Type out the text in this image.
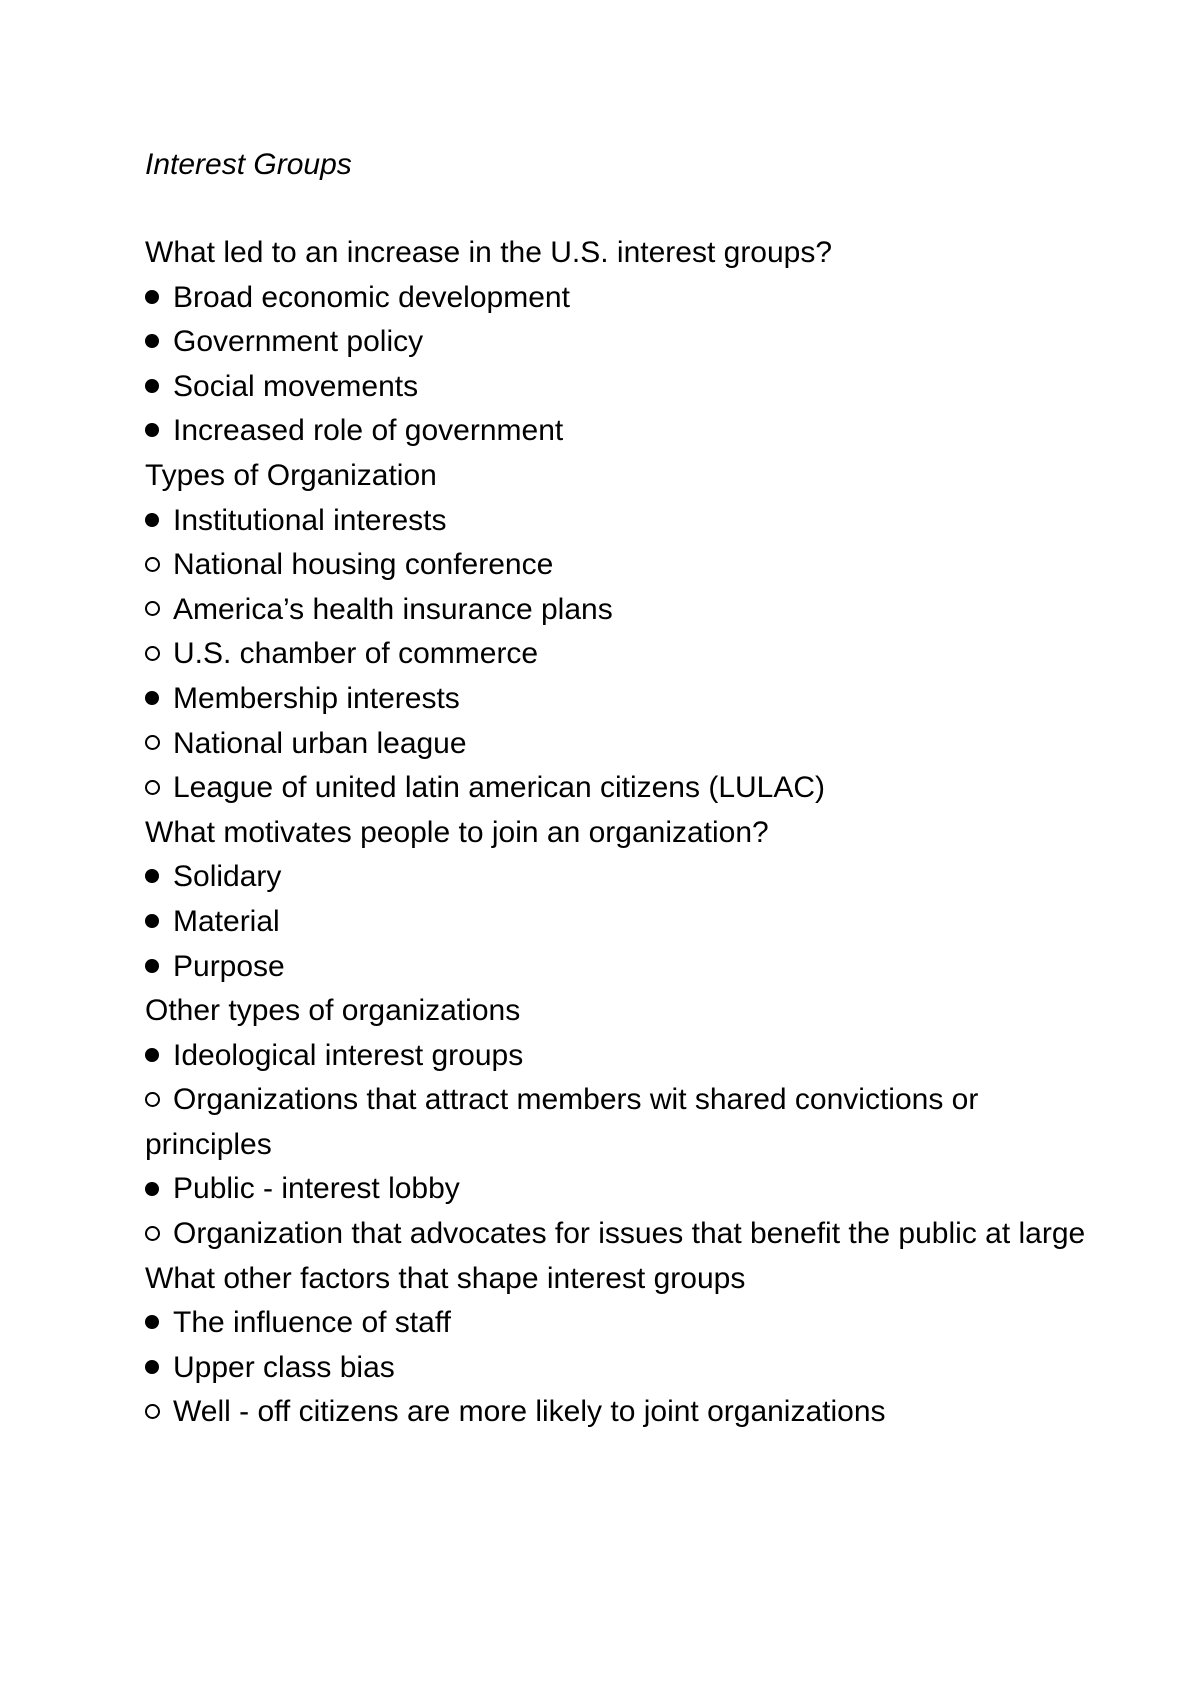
Interest Groups
What led to an increase in the U.S. interest groups?
Broad economic development
Government policy
Social movements
Increased role of government
Types of Organization
Institutional interests
National housing conference
America’s health insurance plans
U.S. chamber of commerce
Membership interests
National urban league
League of united latin american citizens (LULAC)
What motivates people to join an organization?
Solidary
Material
Purpose
Other types of organizations
Ideological interest groups
Organizations that attract members wit shared convictions or principles
Public - interest lobby
Organization that advocates for issues that benefit the public at large
What other factors that shape interest groups
The influence of staff
Upper class bias
Well - off citizens are more likely to joint organizations
